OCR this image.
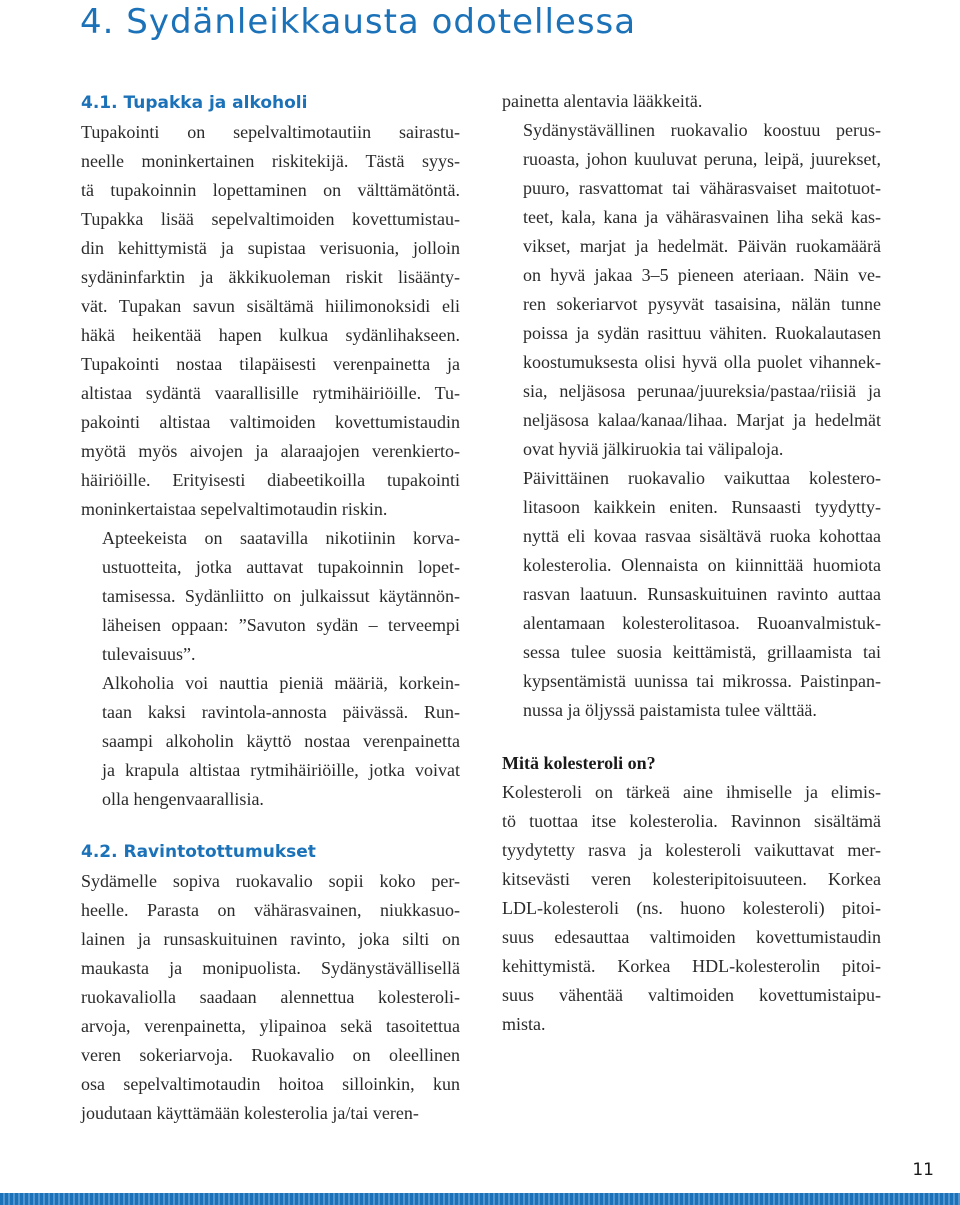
4. Sydänleikkausta odotellessa
4.1. Tupakka ja alkoholi

Tupakointi on sepelvaltimotautiin sairastu-
neelle moninkertainen riskitekijä. Tästä syys-
tä tupakoinnin lopettaminen on välttämätöntä.
Tupakka lisää sepelvaltimoiden kovettumistau-
din kehittymistä ja supistaa verisuonia, jolloin
sydäninfarktin ja äkkikuoleman riskit lisäänty-
vät. Tupakan savun sisältämä hiilimonoksidi eli
häkä heikentää hapen kulkua sydänlihakseen.
Tupakointi nostaa tilapäisesti verenpainetta ja
altistaa sydäntä vaarallisille rytmihäiriöille. Tu-
pakointi altistaa valtimoiden kovettumistaudin
myötä myös aivojen ja alaraajojen verenkierto-
häiriöille. Erityisesti diabeetikoilla tupakointi
moninkertaistaa sepelvaltimotaudin riskin.

Apteekeista on saatavilla nikotiinin korva-
ustuotteita, jotka auttavat tupakoinnin lopet-
tamisessa. Sydänliitto on julkaissut käytännön-
läheisen oppaan: ”Savuton sydän – terveempi
tulevaisuus”.

Alkoholia voi nauttia pieniä määriä, korkein-
taan kaksi ravintola-annosta päivässä. Run-
saampi alkoholin käyttö nostaa verenpainetta
ja krapula altistaa rytmihäiriöille, jotka voivat
olla hengenvaarallisia.

4.2. Ravintotottumukset

Sydämelle sopiva ruokavalio sopii koko per-
heelle. Parasta on vähärasvainen, niukkasuo-
lainen ja runsaskuituinen ravinto, joka silti on
maukasta ja monipuolista. Sydänystävällisellä
ruokavaliolla saadaan alennettua kolesteroli-
arvoja, verenpainetta, ylipainoa sekä tasoitettua
veren sokeriarvoja. Ruokavalio on oleellinen
osa sepelvaltimotaudin hoitoa silloinkin, kun
joudutaan käyttämään kolesterolia ja/tai veren-

painetta alentavia lääkkeitä.

Sydänystävällinen ruokavalio koostuu perus-
ruoasta, johon kuuluvat peruna, leipä, juurekset,
puuro, rasvattomat tai vähärasvaiset maitotuot-
teet, kala, kana ja vähärasvainen liha sekä kas-
vikset, marjat ja hedelmät. Päivän ruokamäärä
on hyvä jakaa 3–5 pieneen ateriaan. Näin ve-
ren sokeriarvot pysyvät tasaisina, nälän tunne
poissa ja sydän rasittuu vähiten. Ruokalautasen
koostumuksesta olisi hyvä olla puolet vihannek-
sia, neljäsosa perunaa/juureksia/pastaa/riisiä ja
neljäsosa kalaa/kanaa/lihaa. Marjat ja hedelmät
ovat hyviä jälkiruokia tai välipaloja.

Päivittäinen ruokavalio vaikuttaa kolestero-
litasoon kaikkein eniten. Runsaasti tyydytty-
nyttä eli kovaa rasvaa sisältävä ruoka kohottaa
kolesterolia. Olennaista on kiinnittää huomiota
rasvan laatuun. Runsaskuituinen ravinto auttaa
alentamaan kolesterolitasoa. Ruoanvalmistuk-
sessa tulee suosia keittämistä, grillaamista tai
kypsentämistä uunissa tai mikrossa. Paistinpan-
nussa ja öljyssä paistamista tulee välttää.

Mitä kolesteroli on?

Kolesteroli on tärkeä aine ihmiselle ja elimis-
tö tuottaa itse kolesterolia. Ravinnon sisältämä
tyydytetty rasva ja kolesteroli vaikuttavat mer-
kitsevästi veren kolesteripitoisuuteen. Korkea
LDL-kolesteroli (ns. huono kolesteroli) pitoi-
suus edesauttaa valtimoiden kovettumistaudin
kehittymistä. Korkea HDL-kolesterolin pitoi-
suus vähentää valtimoiden kovettumistaipu-
mista.

11
